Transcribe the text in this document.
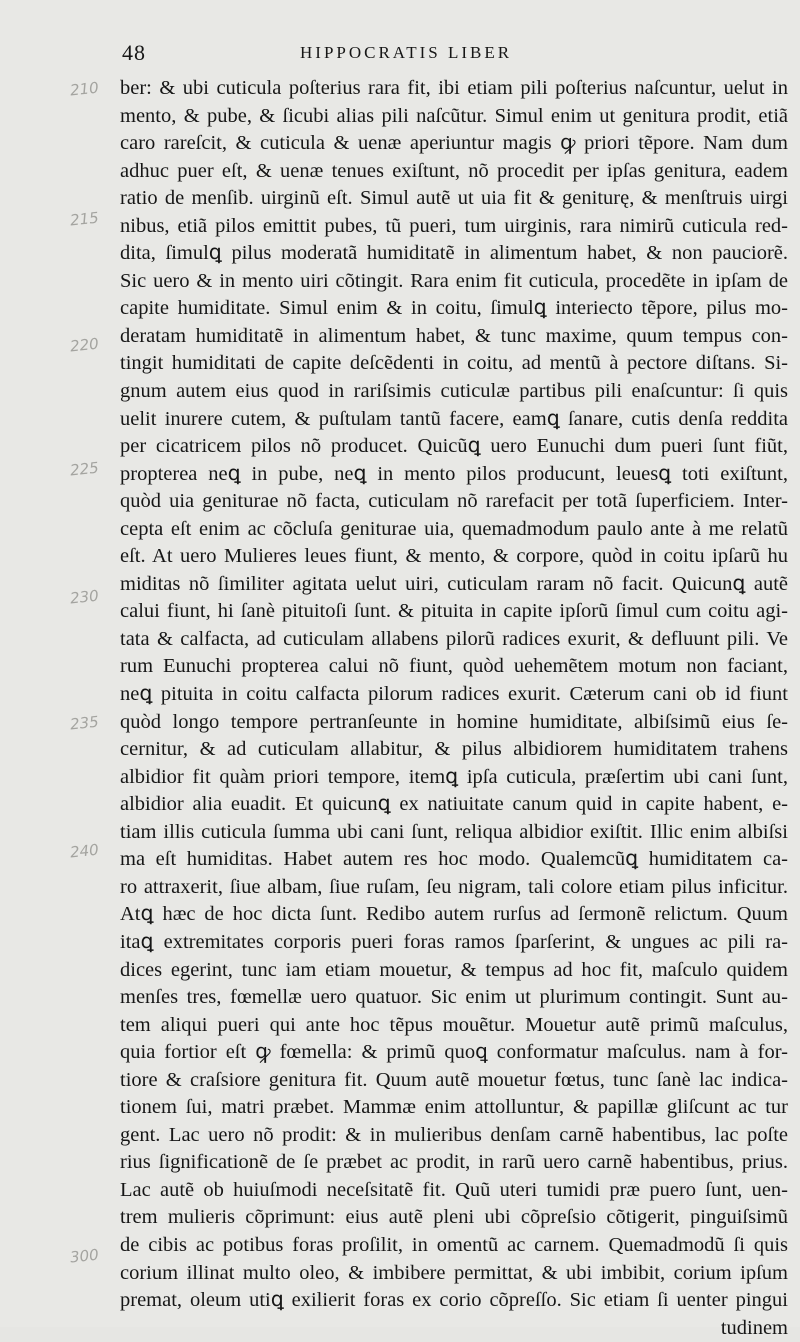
48	HIPPOCRATIS LIBER
210
215
220
225
230
235
240
300
ber: & ubi cuticula poſterius rara fit, ibi etiam pili poſterius naſcuntur, uelut in
mento, & pube, & ſicubi alias pili naſcũtur. Simul enim ut genitura prodit, etiã
caro rareſcit, & cuticula & uenæ aperiuntur magis ꝙ priori tẽpore. Nam dum
adhuc puer eſt, & uenæ tenues exiſtunt, nõ procedit per ipſas genitura, eadem
ratio de menſib. uirginũ eſt. Simul autẽ ut uia fit & geniturę, & menſtruis uirgi
nibus, etiã pilos emittit pubes, tũ pueri, tum uirginis, rara nimirũ cuticula red-
dita, ſimulꝗ pilus moderatã humiditatẽ in alimentum habet, & non pauciorẽ.
Sic uero & in mento uiri cõtingit. Rara enim fit cuticula, procedẽte in ipſam de
capite humiditate. Simul enim & in coitu, ſimulꝗ interiecto tẽpore, pilus mo-
deratam humiditatẽ in alimentum habet, & tunc maxime, quum tempus con-
tingit humiditati de capite deſcẽdenti in coitu, ad mentũ à pectore diſtans. Si-
gnum autem eius quod in rariſsimis cuticulæ partibus pili enaſcuntur: ſi quis
uelit inurere cutem, & puſtulam tantũ facere, eamꝗ ſanare, cutis denſa reddita
per cicatricem pilos nõ producet. Quicũꝗ uero Eunuchi dum pueri ſunt fiũt,
propterea neꝗ in pube, neꝗ in mento pilos producunt, leuesꝗ toti exiſtunt,
quòd uia geniturae nõ facta, cuticulam nõ rarefacit per totã ſuperficiem. Inter-
cepta eſt enim ac cõcluſa geniturae uia, quemadmodum paulo ante à me relatũ
eſt. At uero Mulieres leues fiunt, & mento, & corpore, quòd in coitu ipſarũ hu
miditas nõ ſimiliter agitata uelut uiri, cuticulam raram nõ facit. Quicunꝗ autẽ
calui fiunt, hi ſanè pituitoſi ſunt. & pituita in capite ipſorũ ſimul cum coitu agi-
tata & calfacta, ad cuticulam allabens pilorũ radices exurit, & defluunt pili. Ve
rum Eunuchi propterea calui nõ fiunt, quòd uehemẽtem motum non faciant,
neꝗ pituita in coitu calfacta pilorum radices exurit. Cæterum cani ob id fiunt
quòd longo tempore pertranſeunte in homine humiditate, albiſsimũ eius ſe-
cernitur, & ad cuticulam allabitur, & pilus albidiorem humiditatem trahens
albidior fit quàm priori tempore, itemꝗ ipſa cuticula, præſertim ubi cani ſunt,
albidior alia euadit. Et quicunꝗ ex natiuitate canum quid in capite habent, e-
tiam illis cuticula ſumma ubi cani ſunt, reliqua albidior exiſtit. Illic enim albiſsi
ma eſt humiditas. Habet autem res hoc modo. Qualemcũꝗ humiditatem ca-
ro attraxerit, ſiue albam, ſiue ruſam, ſeu nigram, tali colore etiam pilus inficitur.
Atꝗ hæc de hoc dicta ſunt. Redibo autem rurſus ad ſermonẽ relictum. Quum
itaꝗ extremitates corporis pueri foras ramos ſparſerint, & ungues ac pili ra-
dices egerint, tunc iam etiam mouetur, & tempus ad hoc fit, maſculo quidem
menſes tres, fœmellæ uero quatuor. Sic enim ut plurimum contingit. Sunt au-
tem aliqui pueri qui ante hoc tẽpus mouẽtur. Mouetur autẽ primũ maſculus,
quia fortior eſt ꝙ fœmella: & primũ quoꝗ conformatur maſculus. nam à for-
tiore & craſsiore genitura fit. Quum autẽ mouetur fœtus, tunc ſanè lac indica-
tionem ſui, matri præbet. Mammæ enim attolluntur, & papillæ gliſcunt ac tur
gent. Lac uero nõ prodit: & in mulieribus denſam carnẽ habentibus, lac poſte
rius ſignificationẽ de ſe præbet ac prodit, in rarũ uero carnẽ habentibus, prius.
Lac autẽ ob huiuſmodi neceſsitatẽ fit. Quũ uteri tumidi præ puero ſunt, uen-
trem mulieris cõprimunt: eius autẽ pleni ubi cõpreſsio cõtigerit, pinguiſsimũ
de cibis ac potibus foras proſilit, in omentũ ac carnem. Quemadmodũ ſi quis
corium illinat multo oleo, & imbibere permittat, & ubi imbibit, corium ipſum
premat, oleum utiꝗ exilierit foras ex corio cõpreſſo. Sic etiam ſi uenter pingui
tudinem
